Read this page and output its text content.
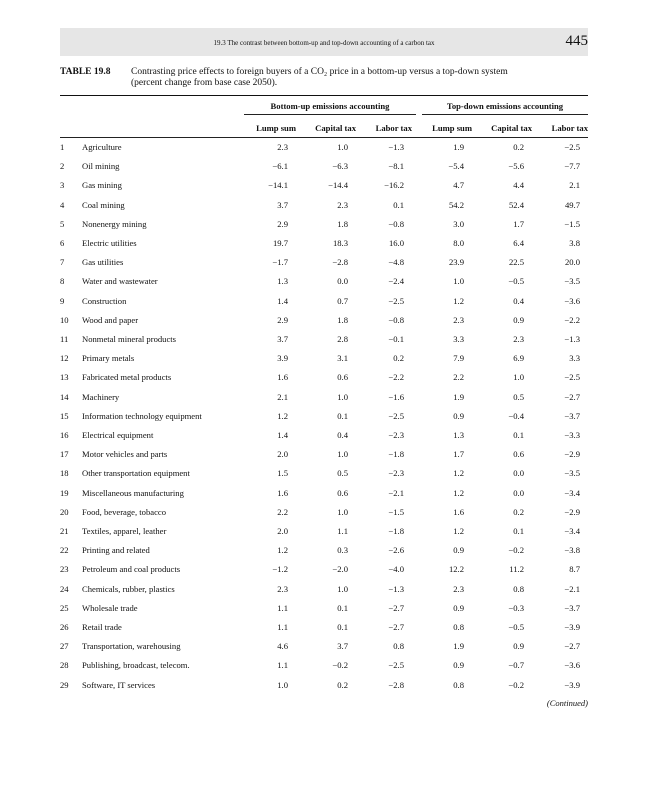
19.3 The contrast between bottom-up and top-down accounting of a carbon tax	445
TABLE 19.8 Contrasting price effects to foreign buyers of a CO₂ price in a bottom-up versus a top-down system
(percent change from base case 2050).
Bottom-up emissions accounting	Top-down emissions accounting
Lump sum	Capital tax	Labor tax	Lump sum	Capital tax	Labor tax
1 Agriculture	2.3	1.0	−1.3	1.9	0.2	−2.5
2 Oil mining	−6.1	−6.3	−8.1	−5.4	−5.6	−7.7
3 Gas mining	−14.1	−14.4	−16.2	4.7	4.4	2.1
4 Coal mining	3.7	2.3	0.1	54.2	52.4	49.7
5 Nonenergy mining	2.9	1.8	−0.8	3.0	1.7	−1.5
6 Electric utilities	19.7	18.3	16.0	8.0	6.4	3.8
7 Gas utilities	−1.7	−2.8	−4.8	23.9	22.5	20.0
8 Water and wastewater	1.3	0.0	−2.4	1.0	−0.5	−3.5
9 Construction	1.4	0.7	−2.5	1.2	0.4	−3.6
10 Wood and paper	2.9	1.8	−0.8	2.3	0.9	−2.2
11 Nonmetal mineral products	3.7	2.8	−0.1	3.3	2.3	−1.3
12 Primary metals	3.9	3.1	0.2	7.9	6.9	3.3
13 Fabricated metal products	1.6	0.6	−2.2	2.2	1.0	−2.5
14 Machinery	2.1	1.0	−1.6	1.9	0.5	−2.7
15 Information technology equipment	1.2	0.1	−2.5	0.9	−0.4	−3.7
16 Electrical equipment	1.4	0.4	−2.3	1.3	0.1	−3.3
17 Motor vehicles and parts	2.0	1.0	−1.8	1.7	0.6	−2.9
18 Other transportation equipment	1.5	0.5	−2.3	1.2	0.0	−3.5
19 Miscellaneous manufacturing	1.6	0.6	−2.1	1.2	0.0	−3.4
20 Food, beverage, tobacco	2.2	1.0	−1.5	1.6	0.2	−2.9
21 Textiles, apparel, leather	2.0	1.1	−1.8	1.2	0.1	−3.4
22 Printing and related	1.2	0.3	−2.6	0.9	−0.2	−3.8
23 Petroleum and coal products	−1.2	−2.0	−4.0	12.2	11.2	8.7
24 Chemicals, rubber, plastics	2.3	1.0	−1.3	2.3	0.8	−2.1
25 Wholesale trade	1.1	0.1	−2.7	0.9	−0.3	−3.7
26 Retail trade	1.1	0.1	−2.7	0.8	−0.5	−3.9
27 Transportation, warehousing	4.6	3.7	0.8	1.9	0.9	−2.7
28 Publishing, broadcast, telecom.	1.1	−0.2	−2.5	0.9	−0.7	−3.6
29 Software, IT services	1.0	0.2	−2.8	0.8	−0.2	−3.9
(Continued)
